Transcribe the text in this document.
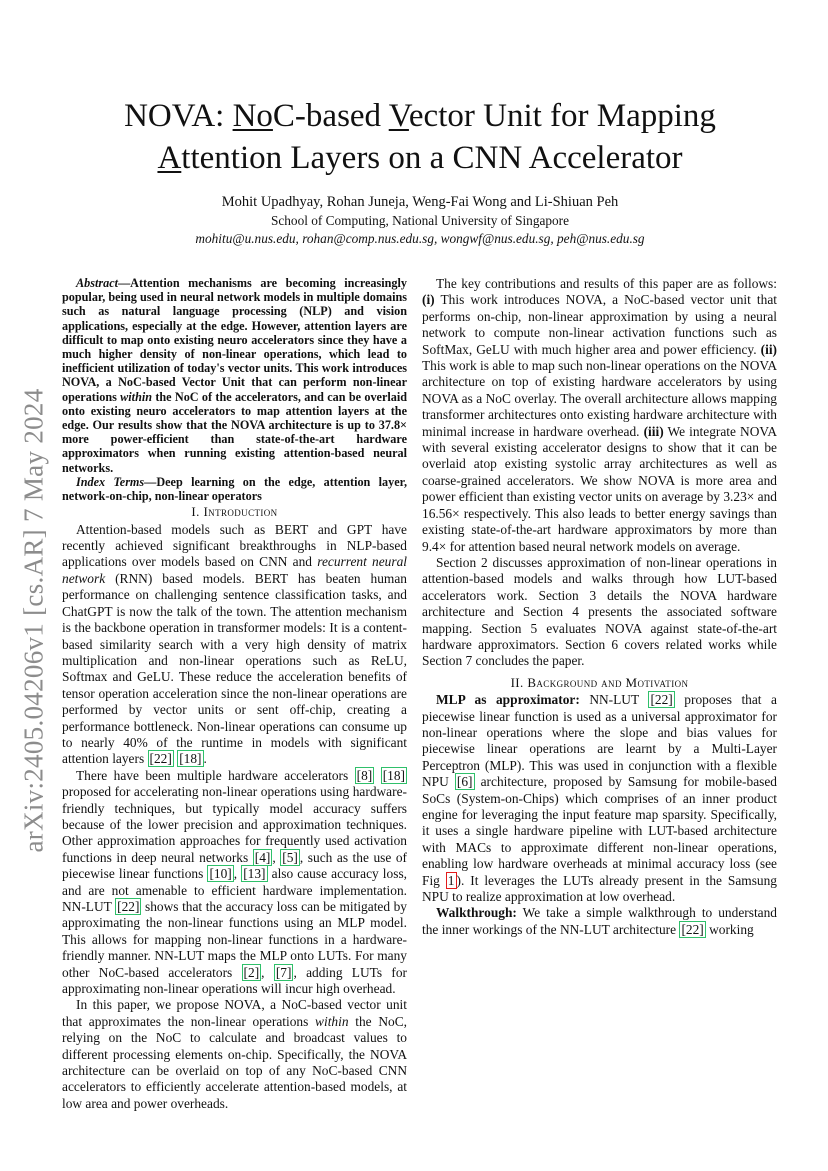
arXiv:2405.04206v1 [cs.AR] 7 May 2024
NOVA: NoC-based Vector Unit for Mapping
Attention Layers on a CNN Accelerator
Mohit Upadhyay, Rohan Juneja, Weng-Fai Wong and Li-Shiuan Peh
School of Computing, National University of Singapore
mohitu@u.nus.edu, rohan@comp.nus.edu.sg, wongwf@nus.edu.sg, peh@nus.edu.sg

Abstract—Attention mechanisms are becoming increasingly popular, being used in neural network models in multiple domains such as natural language processing (NLP) and vision applications, especially at the edge. However, attention layers are difficult to map onto existing neuro accelerators since they have a much higher density of non-linear operations, which lead to inefficient utilization of today's vector units. This work introduces NOVA, a NoC-based Vector Unit that can perform non-linear operations within the NoC of the accelerators, and can be overlaid onto existing neuro accelerators to map attention layers at the edge. Our results show that the NOVA architecture is up to 37.8× more power-efficient than state-of-the-art hardware approximators when running existing attention-based neural networks.

Index Terms—Deep learning on the edge, attention layer, network-on-chip, non-linear operators

I. Introduction

Attention-based models such as BERT and GPT have recently achieved significant breakthroughs in NLP-based applications over models based on CNN and recurrent neural network (RNN) based models. BERT has beaten human performance on challenging sentence classification tasks, and ChatGPT is now the talk of the town. The attention mechanism is the backbone operation in transformer models: It is a content-based similarity search with a very high density of matrix multiplication and non-linear operations such as ReLU, Softmax and GeLU. These reduce the acceleration benefits of tensor operation acceleration since the non-linear operations are performed by vector units or sent off-chip, creating a performance bottleneck. Non-linear operations can consume up to nearly 40% of the runtime in models with significant attention layers [22] [18] .

There have been multiple hardware accelerators [8] [18] proposed for accelerating non-linear operations using hardware-friendly techniques, but typically model accuracy suffers because of the lower precision and approximation techniques. Other approximation approaches for frequently used activation functions in deep neural networks [4] , [5] , such as the use of piecewise linear functions [10] , [13] also cause accuracy loss, and are not amenable to efficient hardware implementation. NN-LUT [22] shows that the accuracy loss can be mitigated by approximating the non-linear functions using an MLP model. This allows for mapping non-linear functions in a hardware-friendly manner. NN-LUT maps the MLP onto LUTs. For many other NoC-based accelerators [2] , [7] , adding LUTs for approximating non-linear operations will incur high overhead.

In this paper, we propose NOVA, a NoC-based vector unit that approximates the non-linear operations within the NoC, relying on the NoC to calculate and broadcast values to different processing elements on-chip. Specifically, the NOVA architecture can be overlaid on top of any NoC-based CNN accelerators to efficiently accelerate attention-based models, at low area and power overheads.

The key contributions and results of this paper are as follows: (i) This work introduces NOVA, a NoC-based vector unit that performs on-chip, non-linear approximation by using a neural network to compute non-linear activation functions such as SoftMax, GeLU with much higher area and power efficiency. (ii) This work is able to map such non-linear operations on the NOVA architecture on top of existing hardware accelerators by using NOVA as a NoC overlay. The overall architecture allows mapping transformer architectures onto existing hardware architecture with minimal increase in hardware overhead. (iii) We integrate NOVA with several existing accelerator designs to show that it can be overlaid atop existing systolic array architectures as well as coarse-grained accelerators. We show NOVA is more area and power efficient than existing vector units on average by 3.23× and 16.56× respectively. This also leads to better energy savings than existing state-of-the-art hardware approximators by more than 9.4× for attention based neural network models on average.

Section 2 discusses approximation of non-linear operations in attention-based models and walks through how LUT-based accelerators work. Section 3 details the NOVA hardware architecture and Section 4 presents the associated software mapping. Section 5 evaluates NOVA against state-of-the-art hardware approximators. Section 6 covers related works while Section 7 concludes the paper.

II. Background and Motivation

MLP as approximator: NN-LUT [22] proposes that a piecewise linear function is used as a universal approximator for non-linear operations where the slope and bias values for piecewise linear operations are learnt by a Multi-Layer Perceptron (MLP). This was used in conjunction with a flexible NPU [6] architecture, proposed by Samsung for mobile-based SoCs (System-on-Chips) which comprises of an inner product engine for leveraging the input feature map sparsity. Specifically, it uses a single hardware pipeline with LUT-based architecture with MACs to approximate different non-linear operations, enabling low hardware overheads at minimal accuracy loss (see Fig 1 ). It leverages the LUTs already present in the Samsung NPU to realize approximation at low overhead.

Walkthrough: We take a simple walkthrough to understand the inner workings of the NN-LUT architecture [22] working
